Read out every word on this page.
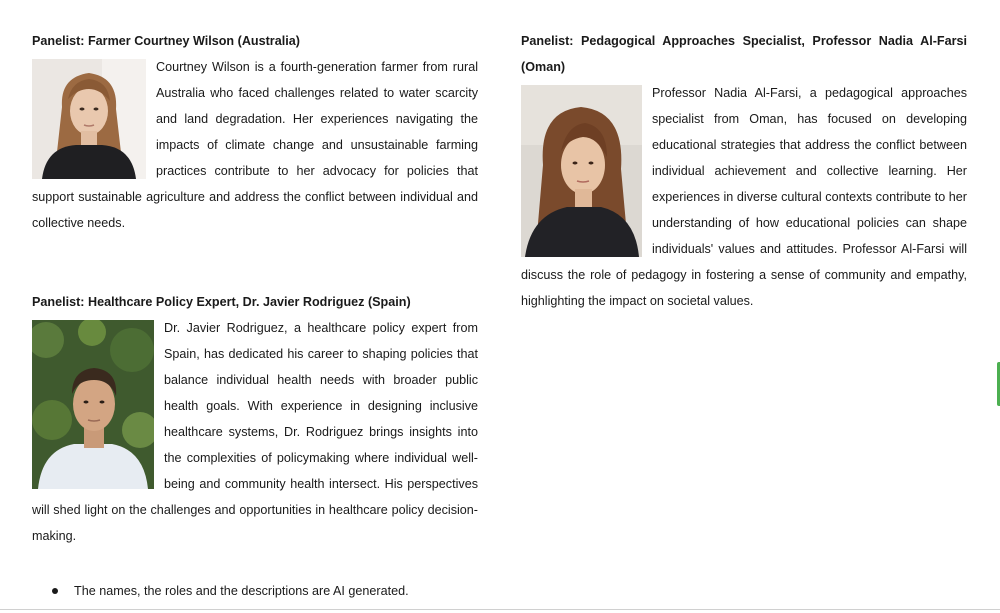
Panelist: Farmer Courtney Wilson (Australia)

Courtney Wilson is a fourth-generation farmer from rural Australia who faced challenges related to water scarcity and land degradation. Her experiences navigating the impacts of climate change and unsustainable farming practices contribute to her advocacy for policies that support sustainable agriculture and address the conflict between individual and collective needs.

Panelist: Healthcare Policy Expert, Dr. Javier Rodriguez (Spain)

Dr. Javier Rodriguez, a healthcare policy expert from Spain, has dedicated his career to shaping policies that balance individual health needs with broader public health goals. With experience in designing inclusive healthcare systems, Dr. Rodriguez brings insights into the complexities of policymaking where individual well-being and community health intersect. His perspectives will shed light on the challenges and opportunities in healthcare policy decision-making.

Panelist: Pedagogical Approaches Specialist, Professor Nadia Al-Farsi (Oman)

Professor Nadia Al-Farsi, a pedagogical approaches specialist from Oman, has focused on developing educational strategies that address the conflict between individual achievement and collective learning. Her experiences in diverse cultural contexts contribute to her understanding of how educational policies can shape individuals' values and attitudes. Professor Al-Farsi will discuss the role of pedagogy in fostering a sense of community and empathy, highlighting the impact on societal values.

The names, the roles and the descriptions are AI generated.
